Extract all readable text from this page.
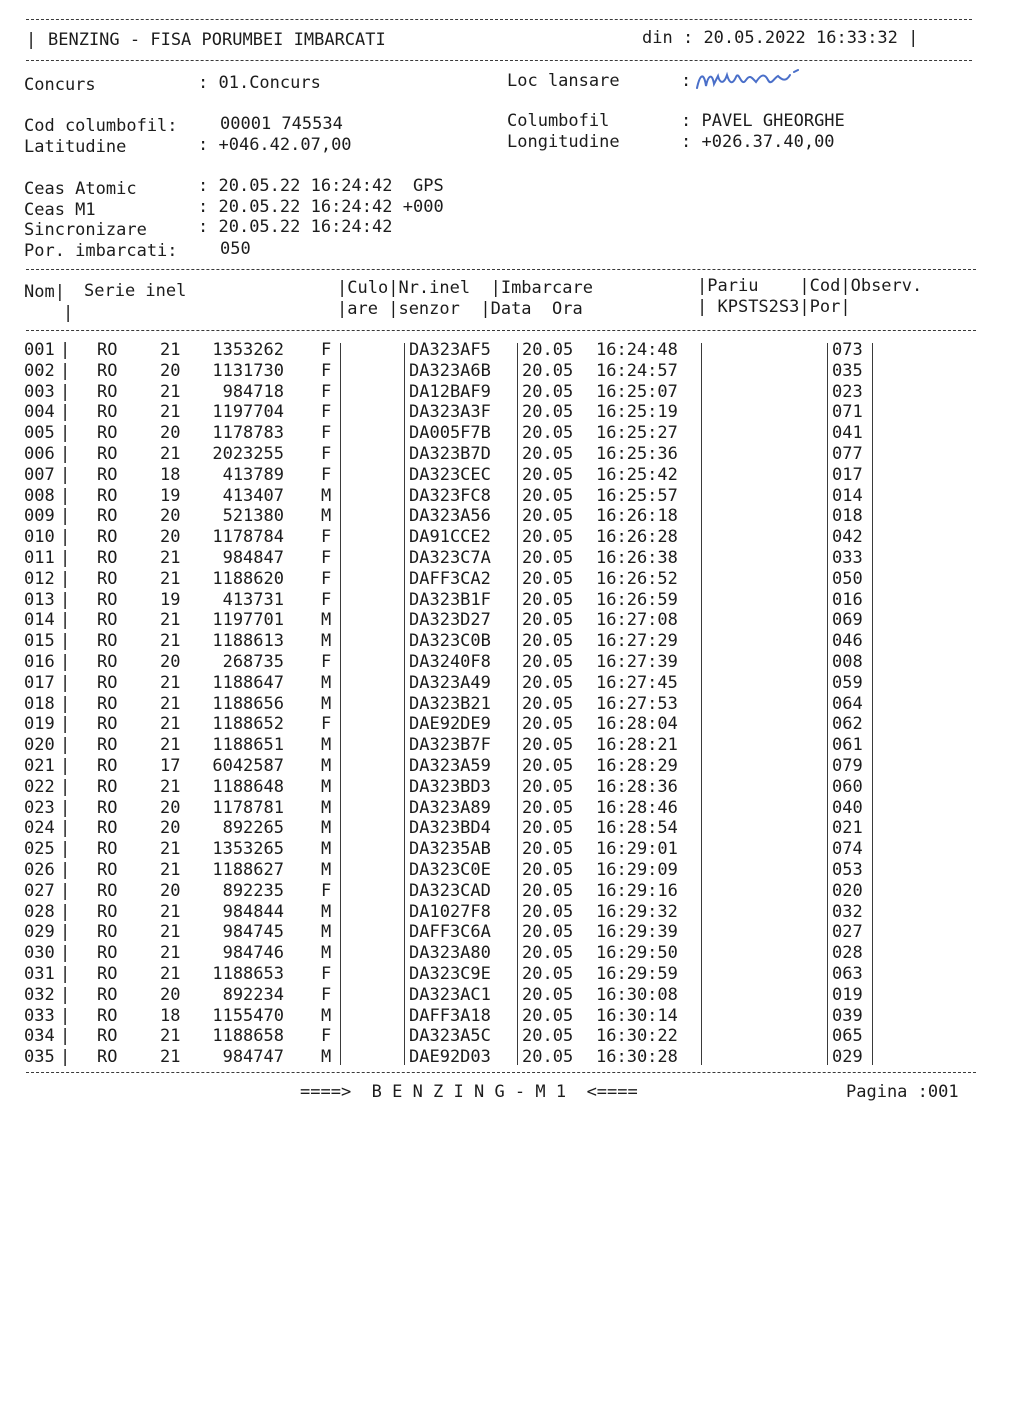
| BENZING - FISA PORUMBEI IMBARCATI	din : 20.05.2022 16:33:32 |
Concurs	: 01.Concurs	Loc lansare	:
Cod columbofil: 00001 745534	Columbofil	: PAVEL GHEORGHE
Latitudine	: +046.42.07,00	Longitudine	: +026.37.40,00
Ceas Atomic	: 20.05.22 16:24:42 GPS
Ceas M1	: 20.05.22 16:24:42 +000
Sincronizare	: 20.05.22 16:24:42
Por. imbarcati: 050
Nom| Serie inel
|
|Culo|Nr.inel  |Imbarcare
|are |senzor  |Data Ora
|Pariu    |Cod|Observ.
| KPSTS2S3|Por|
001 RO	21	1353262 F	DA323AF5 20.05 16:24:48	073
|
002 RO	20	1131730 F	DA323A6B 20.05 16:24:57	035
|
003 RO	21	984718 F	DA12BAF9 20.05 16:25:07	023
|
004 RO	21	1197704 F	DA323A3F 20.05 16:25:19	071
|
005 RO	20	1178783 F	DA005F7B 20.05 16:25:27	041
|
006 RO	21	2023255 F	DA323B7D 20.05 16:25:36	077
|
007 RO	18	413789 F	DA323CEC 20.05 16:25:42	017
|
008 RO	19	413407 M	DA323FC8 20.05 16:25:57	014
|
009 RO	20	521380 M	DA323A56 20.05 16:26:18	018
|
010 RO	20	1178784 F	DA91CCE2 20.05 16:26:28	042
|
011 RO	21	984847 F	DA323C7A 20.05 16:26:38	033
|
012 RO	21	1188620 F	DAFF3CA2 20.05 16:26:52	050
|
013 RO	19	413731 F	DA323B1F 20.05 16:26:59	016
|
014 RO	21	1197701 M	DA323D27 20.05 16:27:08	069
|
015 RO	21	1188613 M	DA323C0B 20.05 16:27:29	046
|
016 RO	20	268735 F	DA3240F8 20.05 16:27:39	008
|
017 RO	21	1188647 M	DA323A49 20.05 16:27:45	059
|
018 RO	21	1188656 M	DA323B21 20.05 16:27:53	064
|
019 RO	21	1188652 F	DAE92DE9 20.05 16:28:04	062
|
020 RO	21	1188651 M	DA323B7F 20.05 16:28:21	061
|
021 RO	17	6042587 M	DA323A59 20.05 16:28:29	079
|
022 RO	21	1188648 M	DA323BD3 20.05 16:28:36	060
|
023 RO	20	1178781 M	DA323A89 20.05 16:28:46	040
|
024 RO	20	892265 M	DA323BD4 20.05 16:28:54	021
|
025 RO	21	1353265 M	DA3235AB 20.05 16:29:01	074
|
026 RO	21	1188627 M	DA323C0E 20.05 16:29:09	053
|
027 RO	20	892235 F	DA323CAD 20.05 16:29:16	020
|
028 RO	21	984844 M	DA1027F8 20.05 16:29:32	032
|
029 RO	21	984745 M	DAFF3C6A 20.05 16:29:39	027
|
030 RO	21	984746 M	DA323A80 20.05 16:29:50	028
|
031 RO	21	1188653 F	DA323C9E 20.05 16:29:59	063
|
032 RO	20	892234 F	DA323AC1 20.05 16:30:08	019
|
033 RO	18	1155470 M	DAFF3A18 20.05 16:30:14	039
|
034 RO	21	1188658 F	DA323A5C 20.05 16:30:22	065
|
035 RO	21	984747 M	DAE92D03 20.05 16:30:28	029
|
====>  B E N Z I N G - M 1  <====	Pagina :001
